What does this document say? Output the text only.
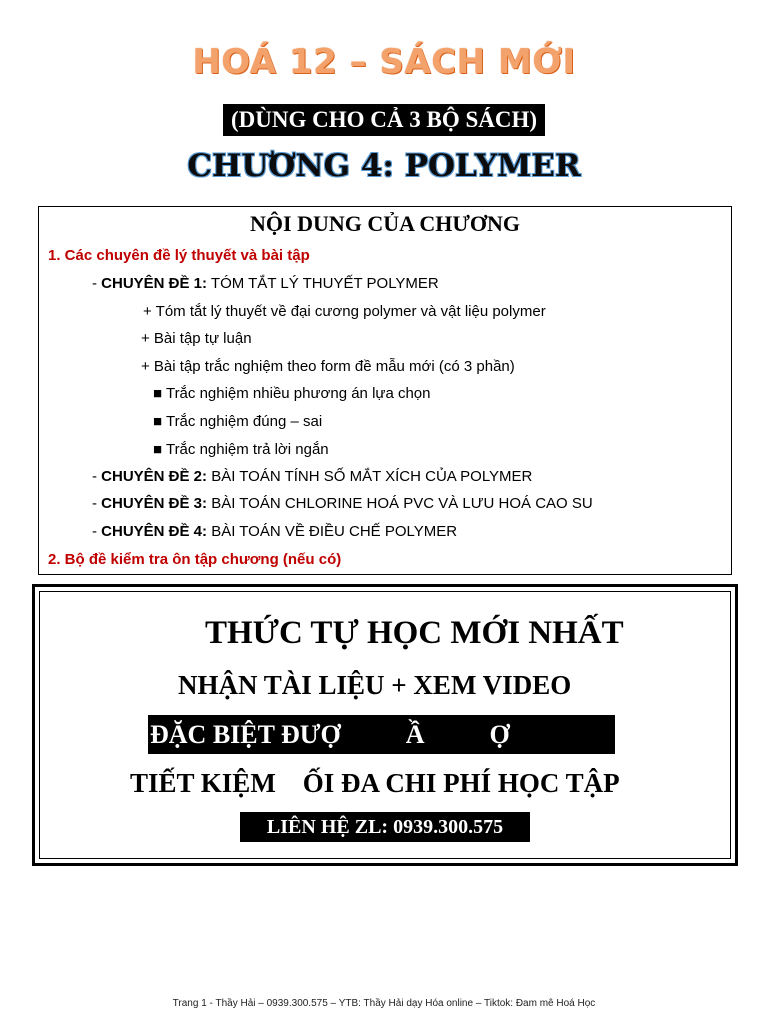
HOÁ 12 – SÁCH MỚI
(DÙNG CHO CẢ 3 BỘ SÁCH)
CHƯƠNG 4: POLYMER
NỘI DUNG CỦA CHƯƠNG
1. Các chuyên đề lý thuyết và bài tập
- CHUYÊN ĐỀ 1: TÓM TẮT LÝ THUYẾT POLYMER
+ Tóm tắt lý thuyết về đại cương polymer và vật liệu polymer
+ Bài tập tự luận
+ Bài tập trắc nghiệm theo form đề mẫu mới (có 3 phần)
■ Trắc nghiệm nhiều phương án lựa chọn
■ Trắc nghiệm đúng – sai
■ Trắc nghiệm trả lời ngắn
- CHUYÊN ĐỀ 2: BÀI TOÁN TÍNH SỐ MẮT XÍCH CỦA POLYMER
- CHUYÊN ĐỀ 3: BÀI TOÁN CHLORINE HOÁ PVC VÀ LƯU HOÁ CAO SU
- CHUYÊN ĐỀ 4: BÀI TOÁN VỀ ĐIỀU CHẾ POLYMER
2. Bộ đề kiểm tra ôn tập chương (nếu có)
THỨC TỰ HỌC MỚI NHẤT
NHẬN TÀI LIỆU + XEM VIDEO
ĐẶC BIỆT ĐƯỢ          Ầ          Ợ
TIẾT KIỆM    ỐI ĐA CHI PHÍ HỌC TẬP
LIÊN HỆ ZL: 0939.300.575
Trang 1 - Thầy Hải – 0939.300.575 – YTB: Thầy Hải dạy Hóa online – Tiktok: Đam mê Hoá Học
